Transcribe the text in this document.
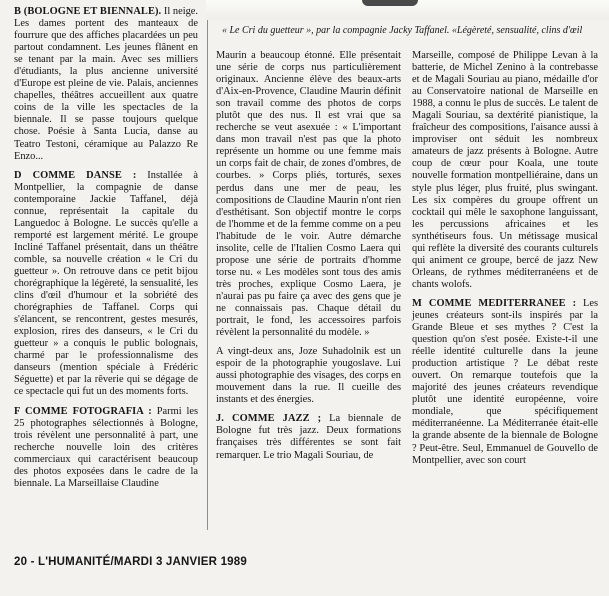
« Le Cri du guetteur », par la compagnie Jacky Taffanel. «Légèreté, sensualité, clins d'œil

B (BOLOGNE ET BIENNALE). Il neige. Les dames portent des manteaux de fourrure que des affiches placardées un peu partout condamnent. Les jeunes flânent en se tenant par la main. Avec ses milliers d'étudiants, la plus ancienne université d'Europe est pleine de vie. Palais, anciennes chapelles, théâtres accueillent aux quatre coins de la ville les spectacles de la biennale. Il se passe toujours quelque chose. Poésie à Santa Lucia, danse au Teatro Testoni, céramique au Palazzo Re Enzo...

D COMME DANSE : Installée à Montpellier, la compagnie de danse contemporaine Jackie Taffanel, déjà connue, représentait la capitale du Languedoc à Bologne. Le succès qu'elle a remporté est largement mérité. Le groupe Incliné Taffanel présentait, dans un théâtre comble, sa nouvelle création « le Cri du guetteur ». On retrouve dans ce petit bijou chorégraphique la légèreté, la sensualité, les clins d'œil d'humour et la sobriété des chorégraphies de Taffanel. Corps qui s'élancent, se rencontrent, gestes mesurés, explosion, rires des danseurs, « le Cri du guetteur » a conquis le public bolognais, charmé par le professionnalisme des danseurs (mention spéciale à Frédéric Séguette) et par la rêverie qui se dégage de ce spectacle qui fut un des moments forts.

F COMME FOTOGRAFIA : Parmi les 25 photographes sélectionnés à Bologne, trois révèlent une personnalité à part, une recherche nouvelle loin des critères commerciaux qui caractérisent beaucoup des photos exposées dans le cadre de la biennale. La Marseillaise Claudine

Maurin a beaucoup étonné. Elle présentait une série de corps nus particulièrement originaux. Ancienne élève des beaux-arts d'Aix-en-Provence, Claudine Maurin définit son travail comme des photos de corps plutôt que des nus. Il est vrai que sa recherche se veut asexuée : « L'important dans mon travail n'est pas que la photo représente un homme ou une femme mais un corps fait de chair, de zones d'ombres, de courbes. » Corps pliés, torturés, sexes perdus dans une mer de peau, les compositions de Claudine Maurin n'ont rien d'esthétisant. Son objectif montre le corps de l'homme et de la femme comme on a peu l'habitude de le voir. Autre démarche insolite, celle de l'Italien Cosmo Laera qui propose une série de portraits d'homme torse nu. « Les modèles sont tous des amis très proches, explique Cosmo Laera, je n'aurai pas pu faire ça avec des gens que je ne connaissais pas. Chaque détail du portrait, le fond, les accessoires parfois révèlent la personnalité du modèle. »

A vingt-deux ans, Joze Suhadolnik est un espoir de la photographie yougoslave. Lui aussi photographie des visages, des corps en mouvement dans la rue. Il cueille des instants et des énergies.

J. COMME JAZZ ; La biennale de Bologne fut très jazz. Deux formations françaises très différentes se sont fait remarquer. Le trio Magali Souriau, de

Marseille, composé de Philippe Levan à la batterie, de Michel Zenino à la contrebasse et de Magali Souriau au piano, médaille d'or au Conservatoire national de Marseille en 1988, a connu le plus de succès. Le talent de Magali Souriau, sa dextérité pianistique, la fraîcheur des compositions, l'aisance aussi à improviser ont séduit les nombreux amateurs de jazz présents à Bologne. Autre coup de cœur pour Koala, une toute nouvelle formation montpelliéraine, dans un style plus léger, plus fruité, plus swingant. Les six compères du groupe offrent un cocktail qui mêle le saxophone languissant, les percussions africaines et les synthétiseurs fous. Un métissage musical qui reflète la diversité des courants culturels qui animent ce groupe, bercé de jazz New Orleans, de rythmes méditerranéens et de chants wolofs.

M COMME MEDITERRANEE : Les jeunes créateurs sont-ils inspirés par la Grande Bleue et ses mythes ? C'est la question qu'on s'est posée. Existe-t-il une réelle identité culturelle dans la jeune production artistique ? Le débat reste ouvert. On remarque toutefois que la majorité des jeunes créateurs revendique plutôt une identité européenne, voire mondiale, que spécifiquement méditerranéenne. La Méditerranée était-elle la grande absente de la biennale de Bologne ? Peut-être. Seul, Emmanuel de Gouvello de Montpellier, avec son court

20 - L'HUMANITÉ/MARDI 3 JANVIER 1989
